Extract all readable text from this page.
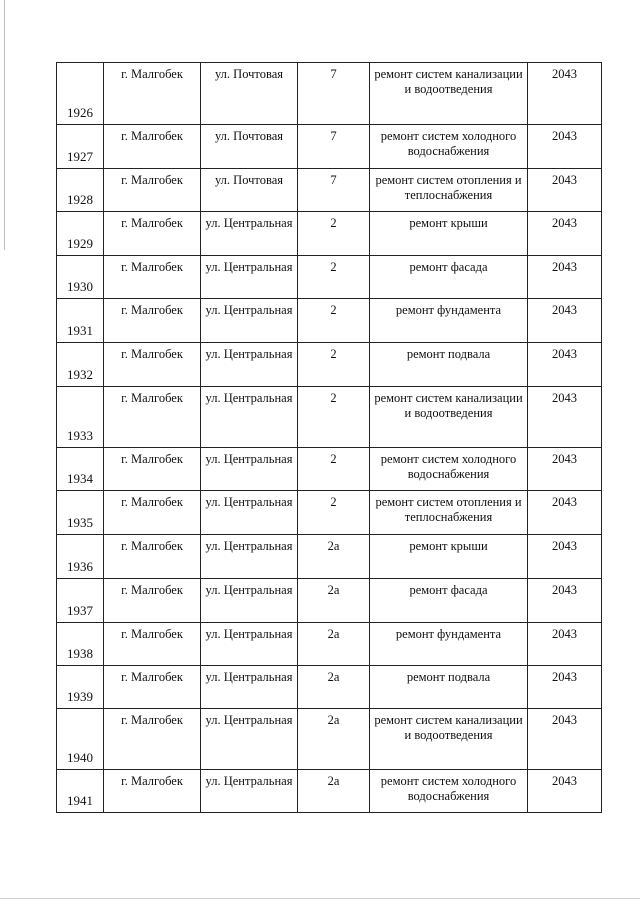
1926	г. Малгобек	ул. Почтовая	7	ремонт систем канализации и водоотведения	2043
1927	г. Малгобек	ул. Почтовая	7	ремонт систем холодного водоснабжения	2043
1928	г. Малгобек	ул. Почтовая	7	ремонт систем отопления и теплоснабжения	2043
1929	г. Малгобек	ул. Центральная	2	ремонт крыши	2043
1930	г. Малгобек	ул. Центральная	2	ремонт фасада	2043
1931	г. Малгобек	ул. Центральная	2	ремонт фундамента	2043
1932	г. Малгобек	ул. Центральная	2	ремонт подвала	2043
1933	г. Малгобек	ул. Центральная	2	ремонт систем канализации и водоотведения	2043
1934	г. Малгобек	ул. Центральная	2	ремонт систем холодного водоснабжения	2043
1935	г. Малгобек	ул. Центральная	2	ремонт систем отопления и теплоснабжения	2043
1936	г. Малгобек	ул. Центральная	2а	ремонт крыши	2043
1937	г. Малгобек	ул. Центральная	2а	ремонт фасада	2043
1938	г. Малгобек	ул. Центральная	2а	ремонт фундамента	2043
1939	г. Малгобек	ул. Центральная	2а	ремонт подвала	2043
1940	г. Малгобек	ул. Центральная	2а	ремонт систем канализации и водоотведения	2043
1941	г. Малгобек	ул. Центральная	2а	ремонт систем холодного водоснабжения	2043
